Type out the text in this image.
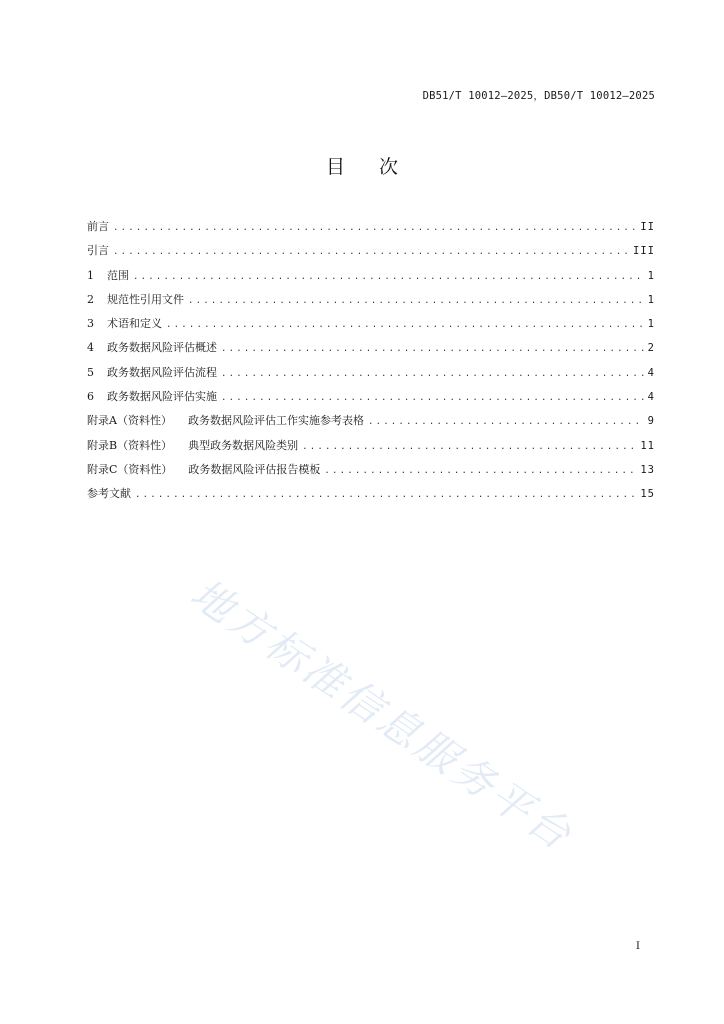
DB51/T 10012—2025，DB50/T 10012—2025
目次
前言 .....	II
引言 .....	III
1	范围 .....	1
2	规范性引用文件 .....	1
3	术语和定义 .....	1
4	政务数据风险评估概述 .....	2
5	政务数据风险评估流程 .....	4
6	政务数据风险评估实施 .....	4
附录A（资料性） 政务数据风险评估工作实施参考表格 .....	9
附录B（资料性） 典型政务数据风险类别 .....	11
附录C（资料性） 政务数据风险评估报告模板 .....	13
参考文献 .....	15
地方标准信息服务平台
I
